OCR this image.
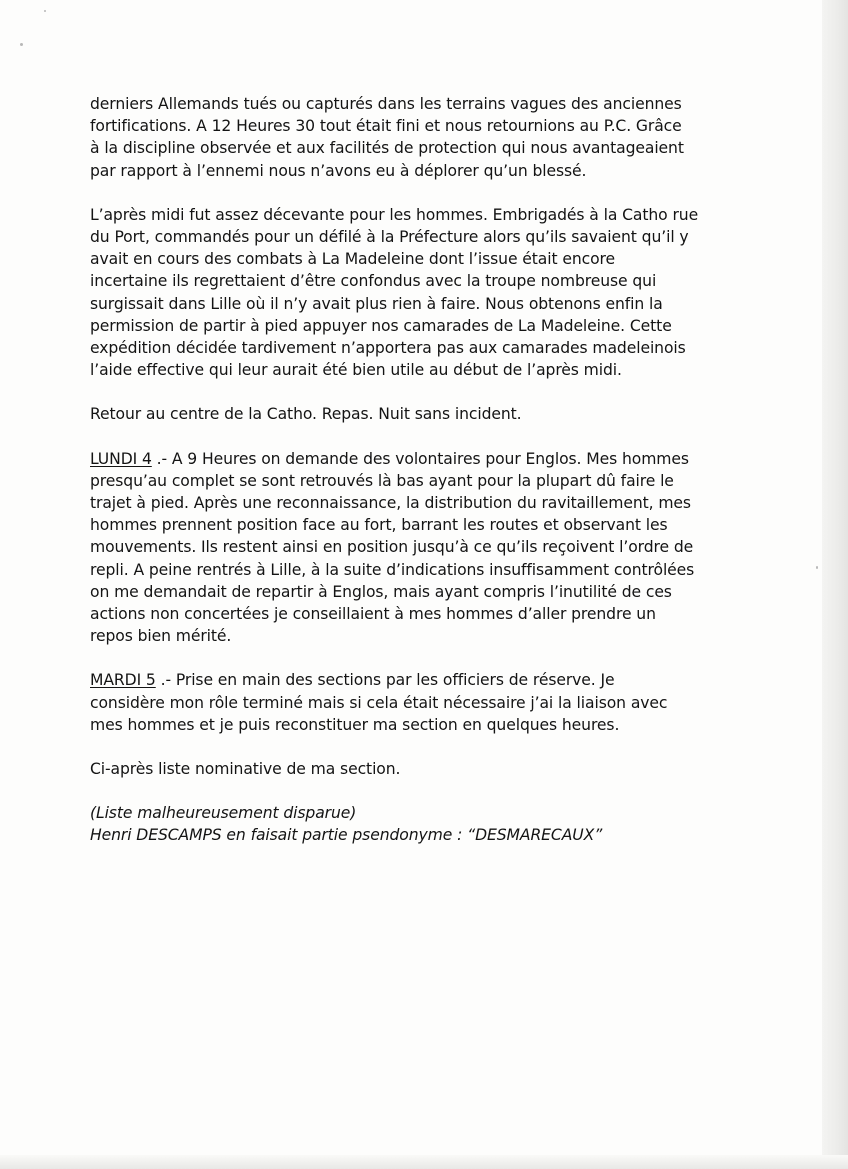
derniers Allemands tués ou capturés dans les terrains vagues des anciennes
fortifications. A 12 Heures 30 tout était fini et nous retournions au P.C. Grâce
à la discipline observée et aux facilités de protection qui nous avantageaient
par rapport à l’ennemi nous n’avons eu à déplorer qu’un blessé.

L’après midi fut assez décevante pour les hommes. Embrigadés à la Catho rue
du Port, commandés pour un défilé à la Préfecture alors qu’ils savaient qu’il y
avait en cours des combats à La Madeleine dont l’issue était encore
incertaine ils regrettaient d’être confondus avec la troupe nombreuse qui
surgissait dans Lille où il n’y avait plus rien à faire. Nous obtenons enfin la
permission de partir à pied appuyer nos camarades de La Madeleine. Cette
expédition décidée tardivement n’apportera pas aux camarades madeleinois
l’aide effective qui leur aurait été bien utile au début de l’après midi.

Retour au centre de la Catho. Repas. Nuit sans incident.

LUNDI 4 .- A 9 Heures on demande des volontaires pour Englos. Mes hommes
presqu’au complet se sont retrouvés là bas ayant pour la plupart dû faire le
trajet à pied. Après une reconnaissance, la distribution du ravitaillement, mes
hommes prennent position face au fort, barrant les routes et observant les
mouvements. Ils restent ainsi en position jusqu’à ce qu’ils reçoivent l’ordre de
repli. A peine rentrés à Lille, à la suite d’indications insuffisamment contrôlées
on me demandait de repartir à Englos, mais ayant compris l’inutilité de ces
actions non concertées je conseillaient à mes hommes d’aller prendre un
repos bien mérité.

MARDI 5 .- Prise en main des sections par les officiers de réserve. Je
considère mon rôle terminé mais si cela était nécessaire j’ai la liaison avec
mes hommes et je puis reconstituer ma section en quelques heures.

Ci-après liste nominative de ma section.

(Liste malheureusement disparue)
Henri DESCAMPS en faisait partie psendonyme : “DESMARECAUX”
